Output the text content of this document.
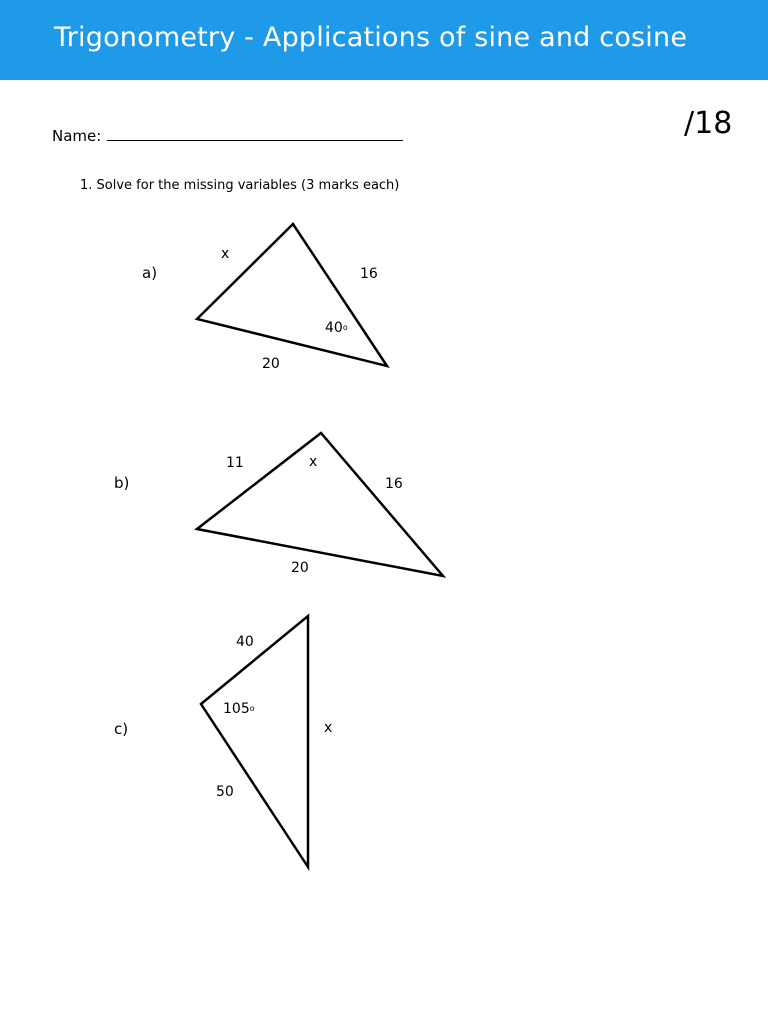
Trigonometry - Applications of sine and cosine
Name:	/18
1. Solve for the missing variables (3 marks each)
a)
b)
c)
x
16
20
40o
11	x
16
20
40
105o
x
50
